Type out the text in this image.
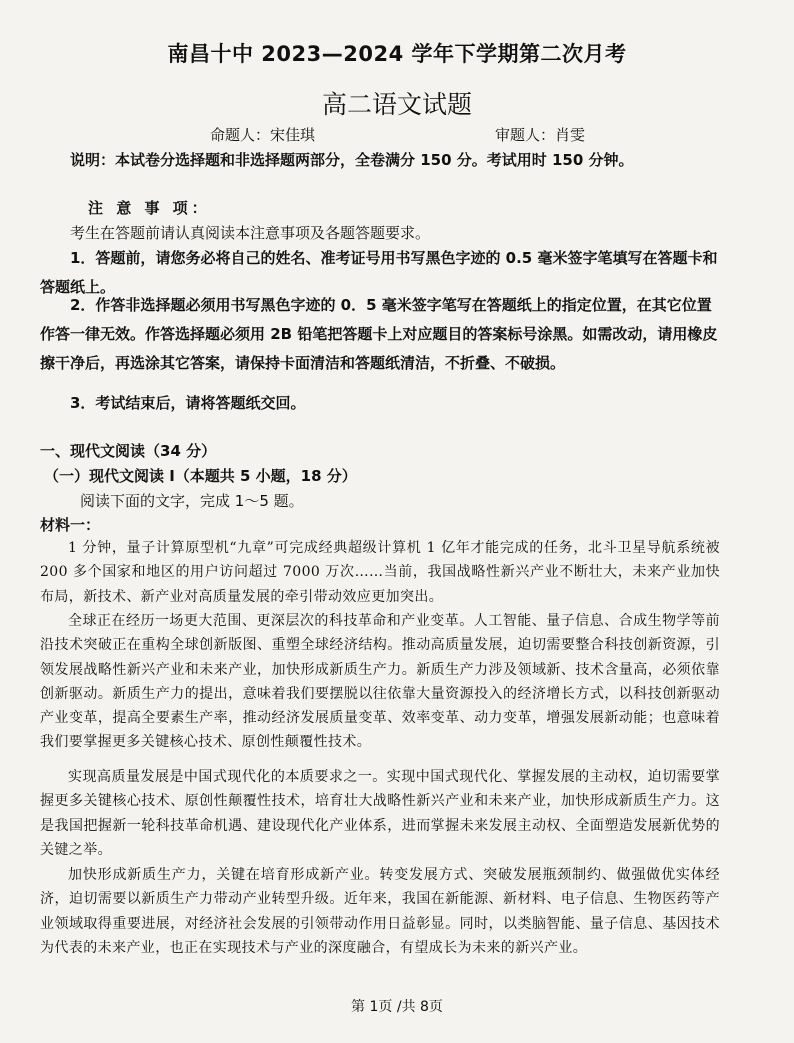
南昌十中 2023—2024 学年下学期第二次月考
高二语文试题
命题人：宋佳琪	审题人：肖雯
说明：本试卷分选择题和非选择题两部分，全卷满分 150 分。考试用时 150 分钟。
注 意 事 项：
考生在答题前请认真阅读本注意事项及各题答题要求。
1．答题前，请您务必将自己的姓名、准考证号用书写黑色字迹的 0.5 毫米签字笔填写在答题卡和答题纸上。
2．作答非选择题必须用书写黑色字迹的 0．5 毫米签字笔写在答题纸上的指定位置，在其它位置作答一律无效。作答选择题必须用 2B 铅笔把答题卡上对应题目的答案标号涂黑。如需改动，请用橡皮擦干净后，再选涂其它答案，请保持卡面清洁和答题纸清洁，不折叠、不破损。
3．考试结束后，请将答题纸交回。
一、现代文阅读（34 分）
（一）现代文阅读 I（本题共 5 小题，18 分）
阅读下面的文字，完成 1～5 题。
材料一：
1 分钟，量子计算原型机“九章”可完成经典超级计算机 1 亿年才能完成的任务，北斗卫星导航系统被 200 多个国家和地区的用户访问超过 7000 万次……当前，我国战略性新兴产业不断壮大，未来产业加快布局，新技术、新产业对高质量发展的牵引带动效应更加突出。
全球正在经历一场更大范围、更深层次的科技革命和产业变革。人工智能、量子信息、合成生物学等前沿技术突破正在重构全球创新版图、重塑全球经济结构。推动高质量发展，迫切需要整合科技创新资源，引领发展战略性新兴产业和未来产业，加快形成新质生产力。新质生产力涉及领域新、技术含量高，必须依靠创新驱动。新质生产力的提出，意味着我们要摆脱以往依靠大量资源投入的经济增长方式，以科技创新驱动产业变革，提高全要素生产率，推动经济发展质量变革、效率变革、动力变革，增强发展新动能；也意味着我们要掌握更多关键核心技术、原创性颠覆性技术。
实现高质量发展是中国式现代化的本质要求之一。实现中国式现代化、掌握发展的主动权，迫切需要掌握更多关键核心技术、原创性颠覆性技术，培育壮大战略性新兴产业和未来产业，加快形成新质生产力。这是我国把握新一轮科技革命机遇、建设现代化产业体系，进而掌握未来发展主动权、全面塑造发展新优势的关键之举。
加快形成新质生产力，关键在培育形成新产业。转变发展方式、突破发展瓶颈制约、做强做优实体经济，迫切需要以新质生产力带动产业转型升级。近年来，我国在新能源、新材料、电子信息、生物医药等产业领域取得重要进展，对经济社会发展的引领带动作用日益彰显。同时，以类脑智能、量子信息、基因技术为代表的未来产业，也正在实现技术与产业的深度融合，有望成长为未来的新兴产业。
第 1页 /共 8页
